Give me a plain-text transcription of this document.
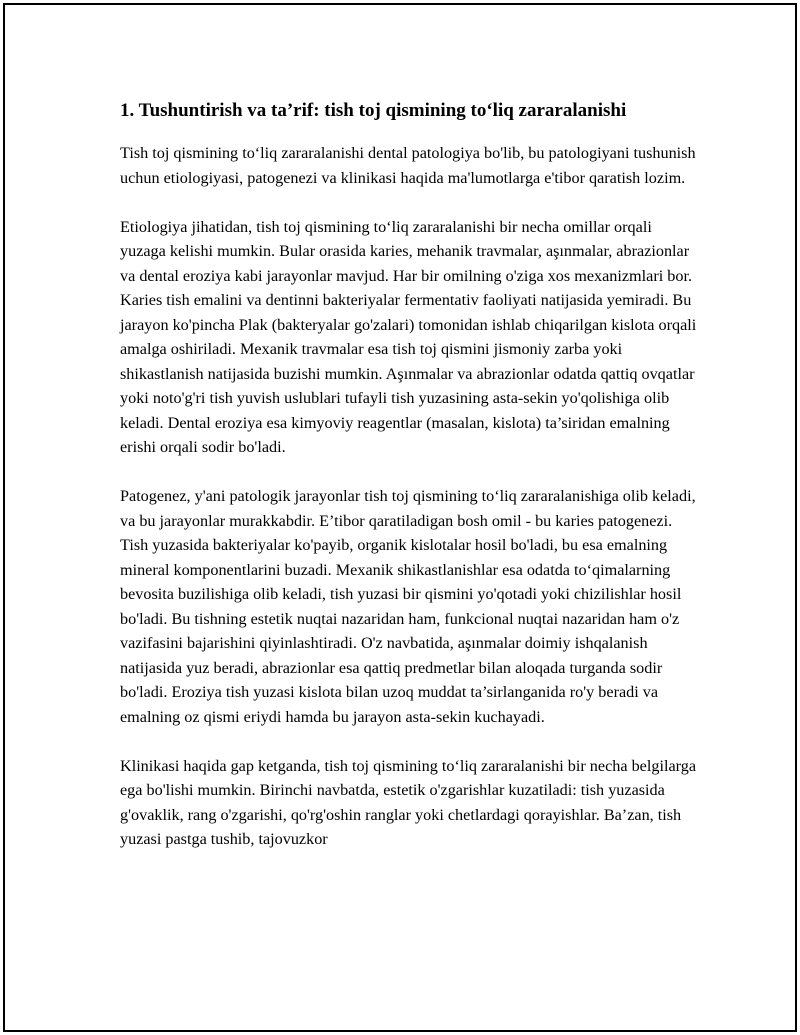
1. Tushuntirish va ta’rif: tish toj qismining to‘liq zararalanishi

Tish toj qismining to‘liq zararalanishi dental patologiya bo'lib, bu patologiyani tushunish uchun etiologiyasi, patogenezi va klinikasi haqida ma'lumotlarga e'tibor qaratish lozim.

Etiologiya jihatidan, tish toj qismining to‘liq zararalanishi bir necha omillar orqali yuzaga kelishi mumkin. Bular orasida karies, mehanik travmalar, aşınmalar, abrazionlar va dental eroziya kabi jarayonlar mavjud. Har bir omilning o'ziga xos mexanizmlari bor. Karies tish emalini va dentinni bakteriyalar fermentativ faoliyati natijasida yemiradi. Bu jarayon ko'pincha Plak (bakteryalar go'zalari) tomonidan ishlab chiqarilgan kislota orqali amalga oshiriladi. Mexanik travmalar esa tish toj qismini jismoniy zarba yoki shikastlanish natijasida buzishi mumkin. Aşınmalar va abrazionlar odatda qattiq ovqatlar yoki noto'g'ri tish yuvish uslublari tufayli tish yuzasining asta-sekin yo'qolishiga olib keladi. Dental eroziya esa kimyoviy reagentlar (masalan, kislota) ta’siridan emalning erishi orqali sodir bo'ladi.

Patogenez, y'ani patologik jarayonlar tish toj qismining to‘liq zararalanishiga olib keladi, va bu jarayonlar murakkabdir. E’tibor qaratiladigan bosh omil - bu karies patogenezi. Tish yuzasida bakteriyalar ko'payib, organik kislotalar hosil bo'ladi, bu esa emalning mineral komponentlarini buzadi. Mexanik shikastlanishlar esa odatda to‘qimalarning bevosita buzilishiga olib keladi, tish yuzasi bir qismini yo'qotadi yoki chizilishlar hosil bo'ladi. Bu tishning estetik nuqtai nazaridan ham, funkcional nuqtai nazaridan ham o'z vazifasini bajarishini qiyinlashtiradi. O'z navbatida, aşınmalar doimiy ishqalanish natijasida yuz beradi, abrazionlar esa qattiq predmetlar bilan aloqada turganda sodir bo'ladi. Eroziya tish yuzasi kislota bilan uzoq muddat ta’sirlanganida ro'y beradi va emalning oz qismi eriydi hamda bu jarayon asta-sekin kuchayadi.

Klinikasi haqida gap ketganda, tish toj qismining to‘liq zararalanishi bir necha belgilarga ega bo'lishi mumkin. Birinchi navbatda, estetik o'zgarishlar kuzatiladi: tish yuzasida g'ovaklik, rang o'zgarishi, qo'rg'oshin ranglar yoki chetlardagi qorayishlar. Ba’zan, tish yuzasi pastga tushib, tajovuzkor
